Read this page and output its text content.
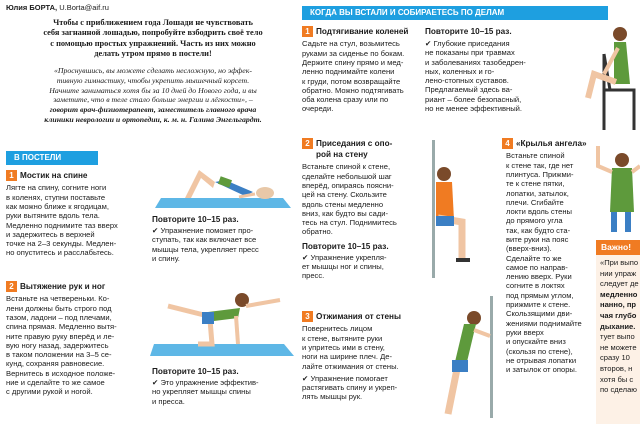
Юлия БОРТА, U.Borta@aif.ru
Чтобы с приближением года Лошади не чувствовать
себя загнанной лошадью, попробуйте взбодрить своё тело
с помощью простых упражнений. Часть из них можно
делать утром прямо в постели!
«Проснувшись, вы можете сделать несложную, но эффек-
тивную гимнастику, чтобы укрепить мышечный корсет.
Начните заниматься хотя бы за 10 дней до Нового года, и вы
заметите, что в теле стало больше энергии и лёгкости», –
говорит врач-физиотерапевт, заместитель главного врача
клиники неврологии и ортопедии, к. м. н. Галина Энгельгардт.
В ПОСТЕЛИ
1 Мостик на спине
Лягте на спину, согните ноги
в коленях, ступни поставьте
как можно ближе к ягодицам,
руки вытяните вдоль тела.
Медленно поднимите таз вверх
и задержитесь в верхней
точке на 2–3 секунды. Медлен-
но опуститесь и расслабьтесь.
Повторите 10–15 раз.
✔ Упражнение поможет про-
ступать, так как включает все
мышцы тела, укрепляет пресс
и спину.
2 Вытяжение рук и ног
Встаньте на четвереньки. Ко-
лени должны быть строго под
тазом, ладони – под плечами,
спина прямая. Медленно вытя-
ните правую руку вперёд и ле-
вую ногу назад, задержитесь
в таком положении на 3–5 се-
кунд, сохраняя равновесие.
Вернитесь в исходное положе-
ние и сделайте то же самое
с другими рукой и ногой.
Повторите 10–15 раз.
✔ Это упражнение эффектив-
но укрепляет мышцы спины
и пресса.
КОГДА ВЫ ВСТАЛИ И СОБИРАЕТЕСЬ ПО ДЕЛАМ
1 Подтягивание коленей
Садьте на стул, возьмитесь
руками за сиденье по бокам.
Держите спину прямо и мед-
ленно поднимайте колени
к груди, потом возвращайте
обратно. Можно подтягивать
оба колена сразу или по
очереди.
Повторите 10–15 раз.
✔ Глубокие приседания
не показаны при травмах
и заболеваниях тазобедрен-
ных, коленных и го-
лено-стопных суставов.
Предлагаемый здесь ва-
риант – более безопасный,
но не менее эффективный.
2 Приседания с опо-
рой на стену
Встаньте спиной к стене,
сделайте небольшой шаг
вперёд, опираясь поясни-
цей на стену. Скользите
вдоль стены медленно
вниз, как будто вы сади-
тесь на стул. Поднимитесь
обратно.
Повторите 10–15 раз.
✔ Упражнение укрепля-
ет мышцы ног и спины,
пресс.
3 Отжимания от стены
Повернитесь лицом
к стене, вытяните руки
и упритесь ими в стену,
ноги на ширине плеч. Де-
лайте отжимания от стены.
✔ Упражнение помогает
растягивать спину и укреп-
лять мышцы рук.
4 «Крылья ангела»
Встаньте спиной
к стене так, где нет
плинтуса. Прижми-
те к стене пятки,
лопатки, затылок,
плечи. Сгибайте
локти вдоль стены
до прямого угла
так, как будто ста-
вите руки на пояс
(вверх-вниз).
Сделайте то же
самое по направ-
лению вверх. Руки
согните в локтях
под прямым углом,
прижмите к стене.
Скользящими дви-
жениями поднимайте
руки вверх
и опускайте вниз
(скользя по стене),
не отрывая лопатки
и затылок от опоры.
Важно!
«При выпо
нии упраж
следует де
медленно
нанно, пр
чая глубо
дыхание.
тует выпо
не можете
сразу 10
второв, н
хотя бы с
по сделаю
